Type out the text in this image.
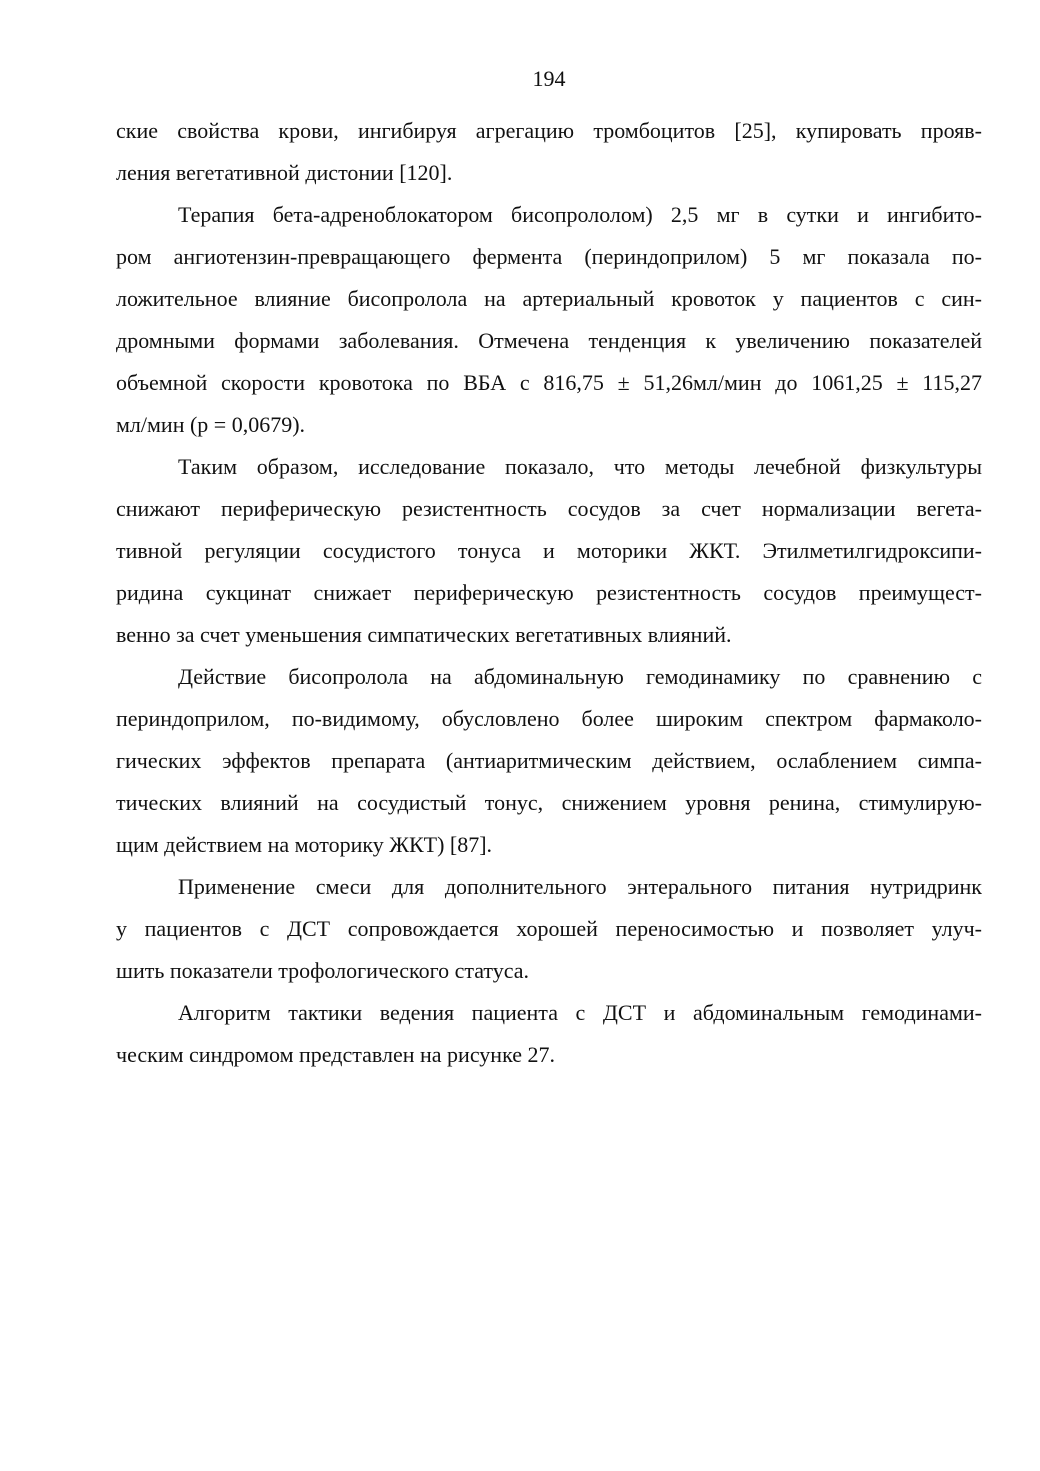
194
ские свойства крови, ингибируя агрегацию тромбоцитов [25], купировать прояв-
ления вегетативной дистонии [120].
Терапия бета-адреноблокатором бисопрололом) 2,5 мг в сутки и ингибито-
ром ангиотензин-превращающего фермента (периндоприлом) 5 мг показала по-
ложительное влияние бисопролола на артериальный кровоток у пациентов с син-
дромными формами заболевания. Отмечена тенденция к увеличению показателей
объемной скорости кровотока по ВБА с 816,75 ± 51,26мл/мин до 1061,25 ± 115,27
мл/мин (p = 0,0679).
Таким образом, исследование показало, что методы лечебной физкультуры
снижают периферическую резистентность сосудов за счет нормализации вегета-
тивной регуляции сосудистого тонуса и моторики ЖКТ. Этилметилгидроксипи-
ридина сукцинат снижает периферическую резистентность сосудов преимущест-
венно за счет уменьшения симпатических вегетативных влияний.
Действие бисопролола на абдоминальную гемодинамику по сравнению с
периндоприлом, по-видимому, обусловлено более широким спектром фармаколо-
гических эффектов препарата (антиаритмическим действием, ослаблением симпа-
тических влияний на сосудистый тонус, снижением уровня ренина, стимулирую-
щим действием на моторику ЖКТ) [87].
Применение смеси для дополнительного энтерального питания нутридринк
у пациентов с ДСТ сопровождается хорошей переносимостью и позволяет улуч-
шить показатели трофологического статуса.
Алгоритм тактики ведения пациента с ДСТ и абдоминальным гемодинами-
ческим синдромом представлен на рисунке 27.
